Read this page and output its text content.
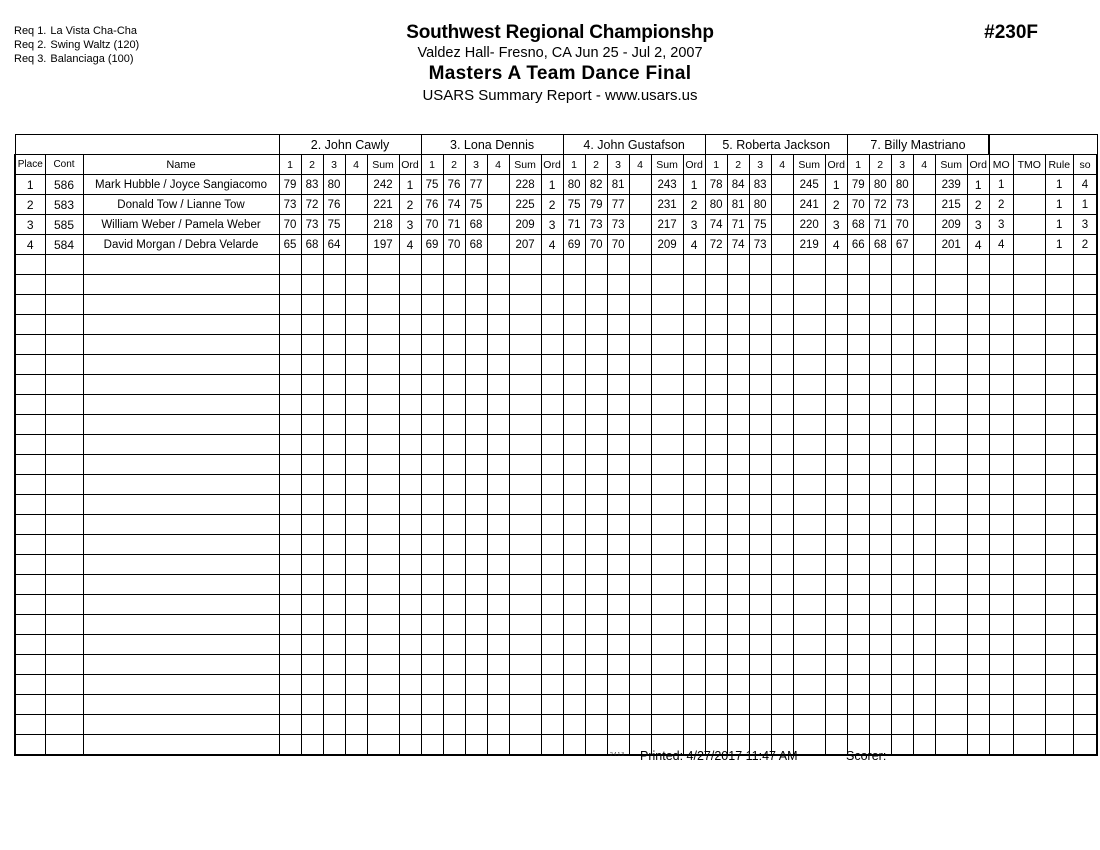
Req 1. La Vista Cha-Cha
Req 2. Swing Waltz (120)
Req 3. Balanciaga (100)
Southwest Regional Championshp
Valdez Hall- Fresno, CA Jun 25 - Jul 2, 2007
Masters A Team Dance Final
USARS Summary Report - www.usars.us
#230F
			2. John Cawly						3. Lona Dennis						4. John Gustafson						5. Roberta Jackson						7. Billy Mastriano									
Place	Cont	Name	1	2	3	4	Sum	Ord	1	2	3	4	Sum	Ord	1	2	3	4	Sum	Ord	1	2	3	4	Sum	Ord	1	2	3	4	Sum	Ord	MO	TMO	Rule	so
1	586	Mark Hubble / Joyce Sangiacomo	79	83	80		242	1	75	76	77		228	1	80	82	81		243	1	78	84	83		245	1	79	80	80		239	1	1		1	4
2	583	Donald Tow / Lianne Tow	73	72	76		221	2	76	74	75		225	2	75	79	77		231	2	80	81	80		241	2	70	72	73		215	2	2		1	1
3	585	William Weber / Pamela Weber	70	73	75		218	3	70	71	68		209	3	71	73	73		217	3	74	71	75		220	3	68	71	70		209	3	3		1	3
4	584	David Morgan / Debra Velarde	65	68	64		197	4	69	70	68		207	4	69	70	70		209	4	72	74	73		219	4	66	68	67		201	4	4		1	2

2413 Printed: 4/27/2017 11:47 AM	Scorer:
